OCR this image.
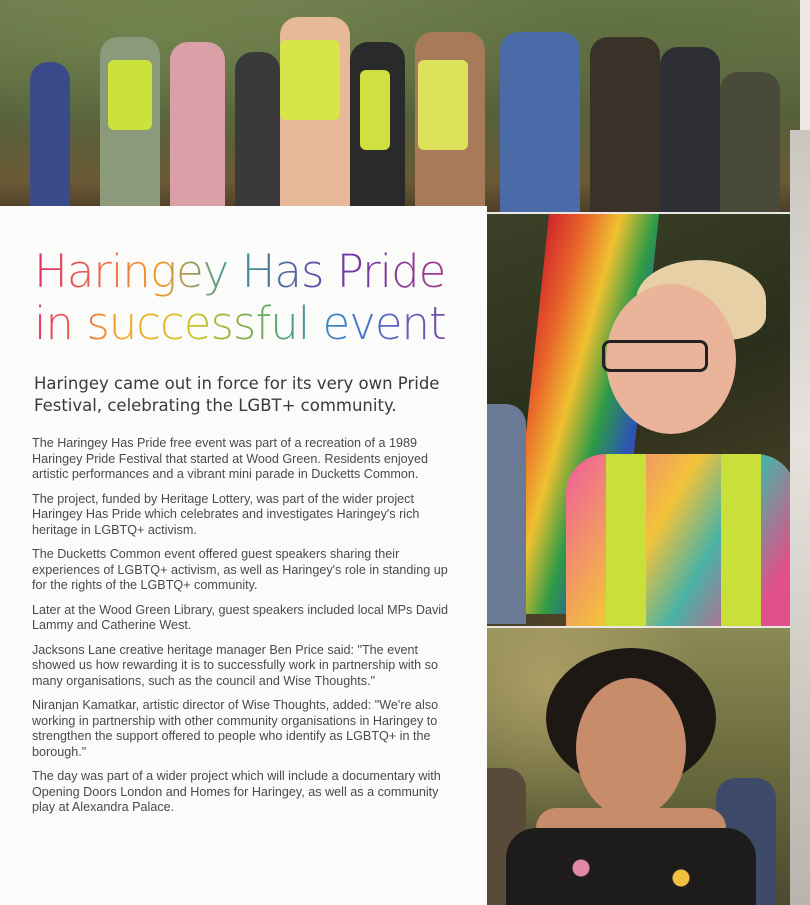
Haringey Has Pride
in successful event

Haringey came out in force for its very own Pride Festival, celebrating the LGBT+ community.

The Haringey Has Pride free event was part of a recreation of a 1989 Haringey Pride Festival that started at Wood Green. Residents enjoyed artistic performances and a vibrant mini parade in Ducketts Common.

The project, funded by Heritage Lottery, was part of the wider project Haringey Has Pride which celebrates and investigates Haringey's rich heritage in LGBTQ+ activism.

The Ducketts Common event offered guest speakers sharing their experiences of LGBTQ+ activism, as well as Haringey's role in standing up for the rights of the LGBTQ+ community.

Later at the Wood Green Library, guest speakers included local MPs David Lammy and Catherine West.

Jacksons Lane creative heritage manager Ben Price said: "The event showed us how rewarding it is to successfully work in partnership with so many organisations, such as the council and Wise Thoughts."

Niranjan Kamatkar, artistic director of Wise Thoughts, added: "We're also working in partnership with other community organisations in Haringey to strengthen the support offered to people who identify as LGBTQ+ in the borough."

The day was part of a wider project which will include a documentary with Opening Doors London and Homes for Haringey, as well as a community play at Alexandra Palace.
